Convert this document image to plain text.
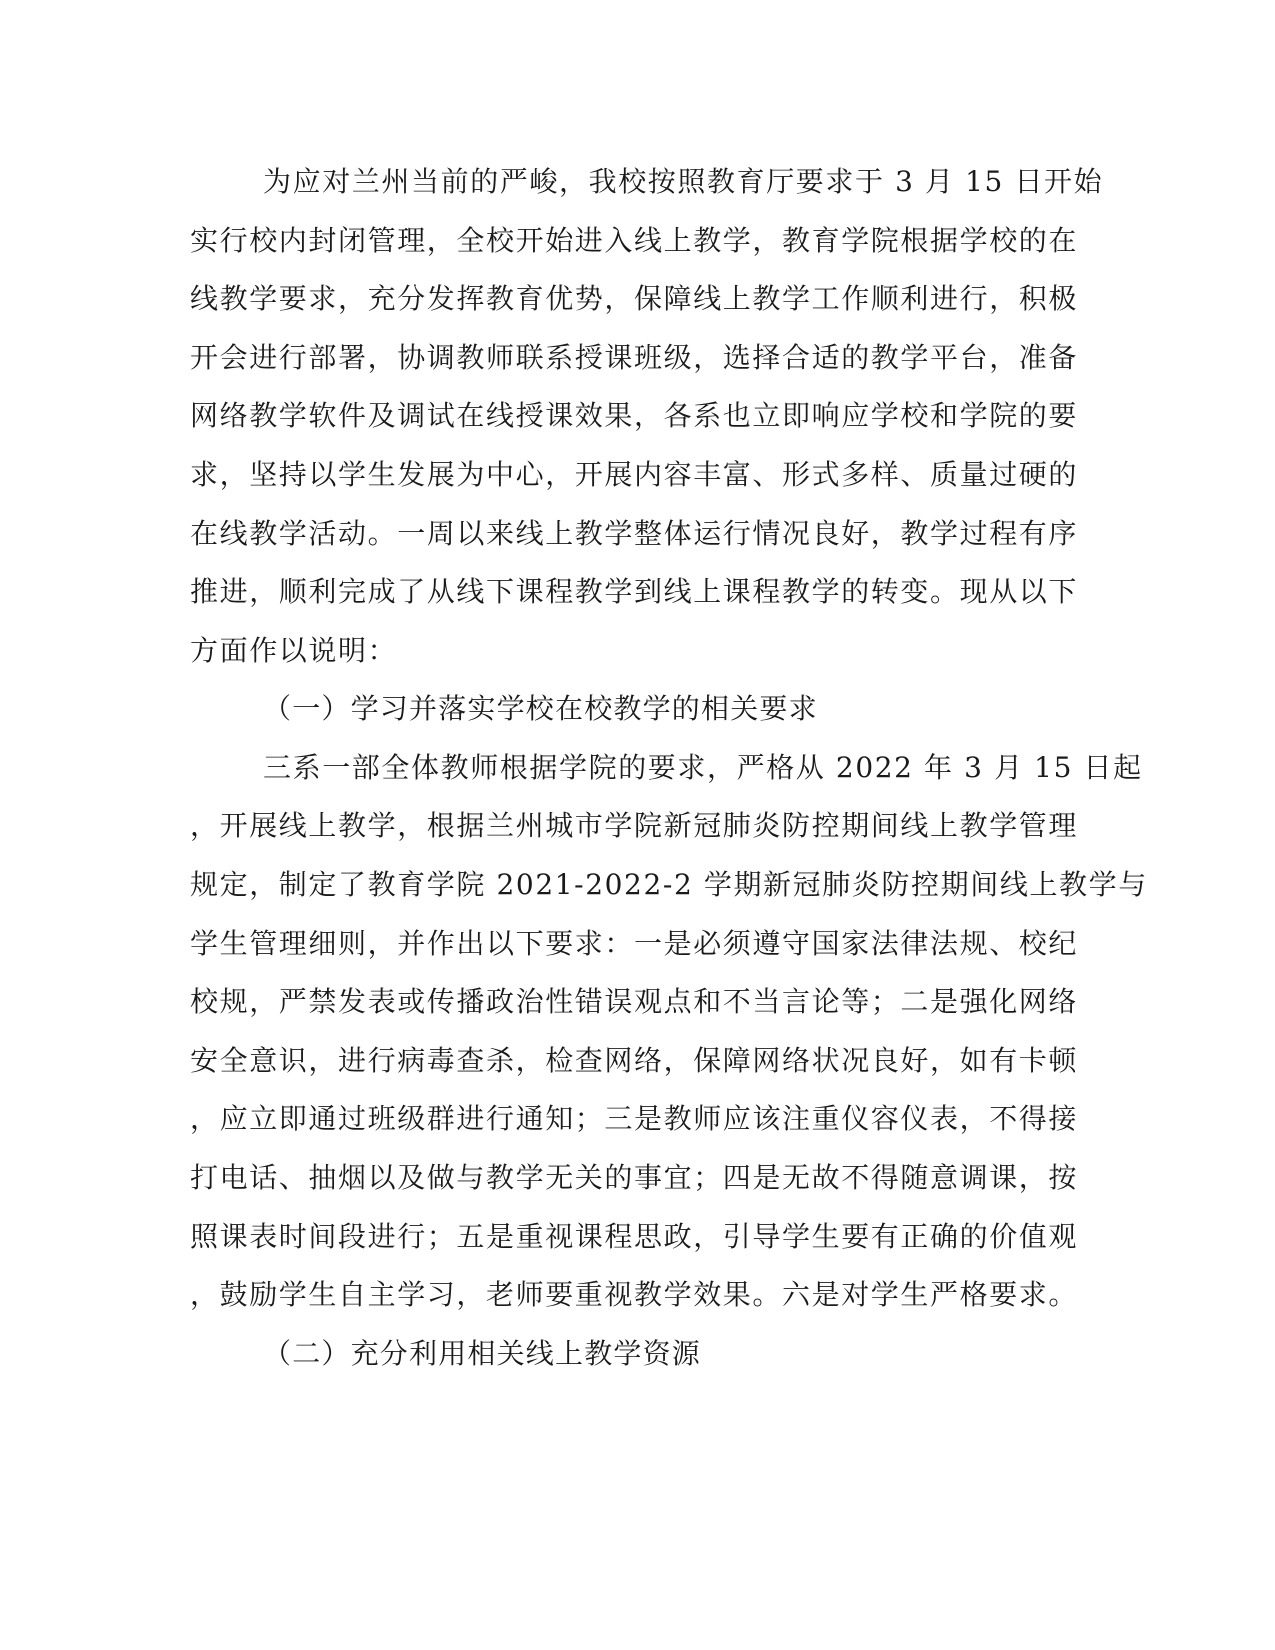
为应对兰州当前的严峻，我校按照教育厅要求于 3 月 15 日开始
实行校内封闭管理，全校开始进入线上教学，教育学院根据学校的在
线教学要求，充分发挥教育优势，保障线上教学工作顺利进行，积极
开会进行部署，协调教师联系授课班级，选择合适的教学平台，准备
网络教学软件及调试在线授课效果，各系也立即响应学校和学院的要
求，坚持以学生发展为中心，开展内容丰富、形式多样、质量过硬的
在线教学活动。一周以来线上教学整体运行情况良好，教学过程有序
推进，顺利完成了从线下课程教学到线上课程教学的转变。现从以下
方面作以说明：
（一）学习并落实学校在校教学的相关要求
三系一部全体教师根据学院的要求，严格从 2022 年 3 月 15 日起
，开展线上教学，根据兰州城市学院新冠肺炎防控期间线上教学管理
规定，制定了教育学院 2021-2022-2 学期新冠肺炎防控期间线上教学与
学生管理细则，并作出以下要求：一是必须遵守国家法律法规、校纪
校规，严禁发表或传播政治性错误观点和不当言论等；二是强化网络
安全意识，进行病毒查杀，检查网络，保障网络状况良好，如有卡顿
，应立即通过班级群进行通知；三是教师应该注重仪容仪表，不得接
打电话、抽烟以及做与教学无关的事宜；四是无故不得随意调课，按
照课表时间段进行；五是重视课程思政，引导学生要有正确的价值观
，鼓励学生自主学习，老师要重视教学效果。六是对学生严格要求。
（二）充分利用相关线上教学资源
